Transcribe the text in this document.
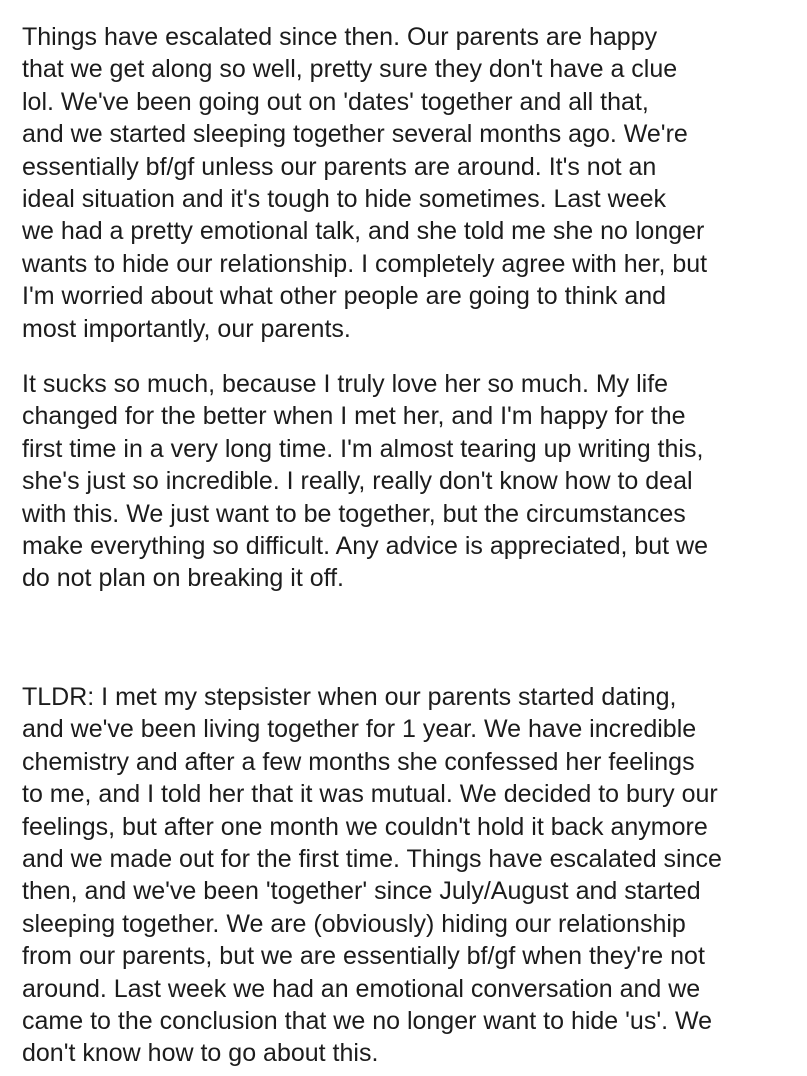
Things have escalated since then. Our parents are happy
that we get along so well, pretty sure they don't have a clue
lol. We've been going out on 'dates' together and all that,
and we started sleeping together several months ago. We're
essentially bf/gf unless our parents are around. It's not an
ideal situation and it's tough to hide sometimes. Last week
we had a pretty emotional talk, and she told me she no longer
wants to hide our relationship. I completely agree with her, but
I'm worried about what other people are going to think and
most importantly, our parents.

It sucks so much, because I truly love her so much. My life
changed for the better when I met her, and I'm happy for the
first time in a very long time. I'm almost tearing up writing this,
she's just so incredible. I really, really don't know how to deal
with this. We just want to be together, but the circumstances
make everything so difficult. Any advice is appreciated, but we
do not plan on breaking it off.

TLDR: I met my stepsister when our parents started dating,
and we've been living together for 1 year. We have incredible
chemistry and after a few months she confessed her feelings
to me, and I told her that it was mutual. We decided to bury our
feelings, but after one month we couldn't hold it back anymore
and we made out for the first time. Things have escalated since
then, and we've been 'together' since July/August and started
sleeping together. We are (obviously) hiding our relationship
from our parents, but we are essentially bf/gf when they're not
around. Last week we had an emotional conversation and we
came to the conclusion that we no longer want to hide 'us'. We
don't know how to go about this.
